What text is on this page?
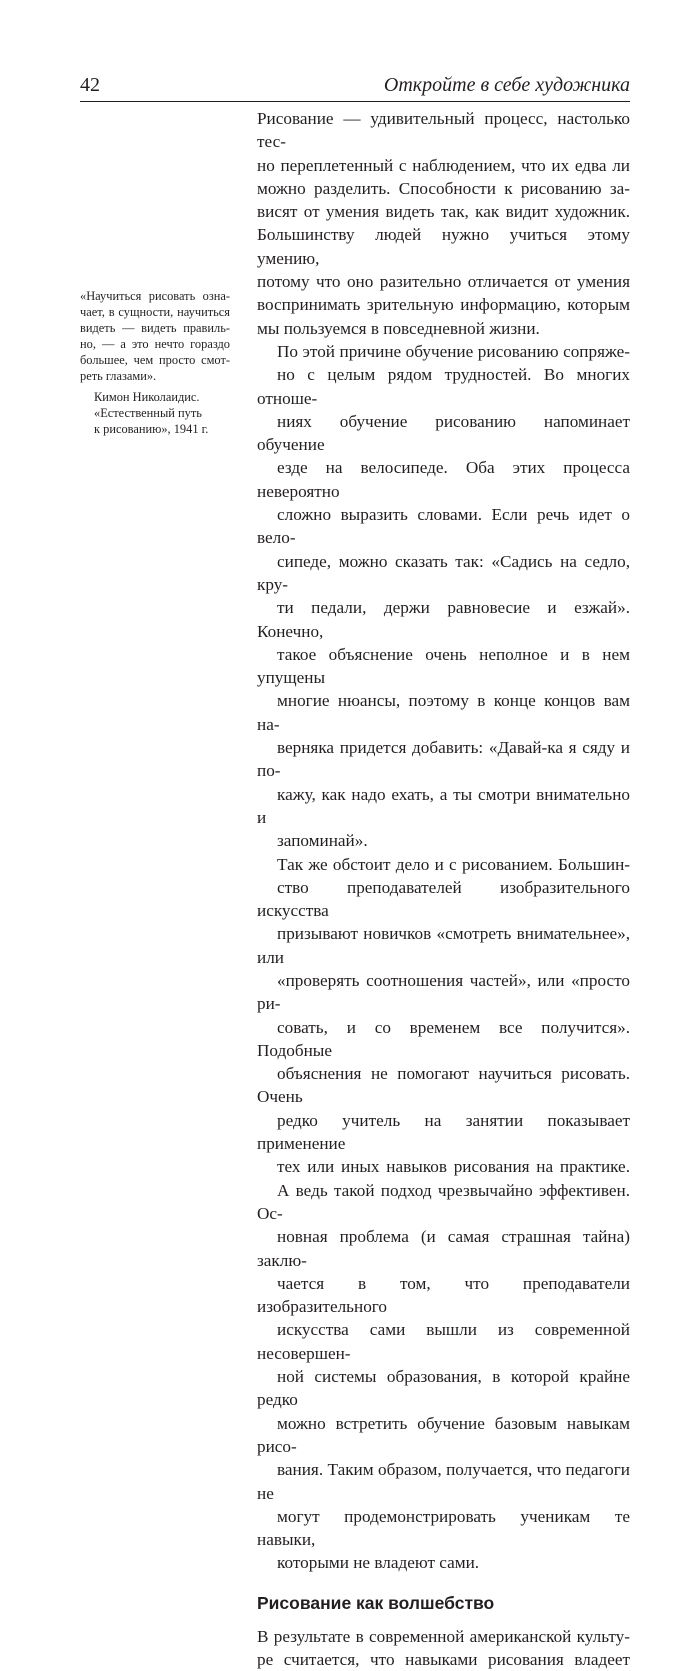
42	Откройте в себе художника

«Научиться рисовать озна-
чает, в сущности, научиться
видеть — видеть правиль-
но, — а это нечто гораздо
большее, чем просто смот-
реть глазами».

Кимон Николаидис.
«Естественный путь
к рисованию», 1941 г.

Рисование — удивительный процесс, настолько тес-
но переплетенный с наблюдением, что их едва ли
можно разделить. Способности к рисованию за-
висят от умения видеть так, как видит художник.
Большинству людей нужно учиться этому умению,
потому что оно разительно отличается от умения
воспринимать зрительную информацию, которым
мы пользуемся в повседневной жизни.

По этой причине обучение рисованию сопряже-
но с целым рядом трудностей. Во многих отноше-
ниях обучение рисованию напоминает обучение
езде на велосипеде. Оба этих процесса невероятно
сложно выразить словами. Если речь идет о вело-
сипеде, можно сказать так: «Садись на седло, кру-
ти педали, держи равновесие и езжай». Конечно,
такое объяснение очень неполное и в нем упущены
многие нюансы, поэтому в конце концов вам на-
верняка придется добавить: «Давай-ка я сяду и по-
кажу, как надо ехать, а ты смотри внимательно и
запоминай».

Так же обстоит дело и с рисованием. Большин-
ство преподавателей изобразительного искусства
призывают новичков «смотреть внимательнее», или
«проверять соотношения частей», или «просто ри-
совать, и со временем все получится». Подобные
объяснения не помогают научиться рисовать. Очень
редко учитель на занятии показывает применение
тех или иных навыков рисования на практике.
А ведь такой подход чрезвычайно эффективен. Ос-
новная проблема (и самая страшная тайна) заклю-
чается в том, что преподаватели изобразительного
искусства сами вышли из современной несовершен-
ной системы образования, в которой крайне редко
можно встретить обучение базовым навыкам рисо-
вания. Таким образом, получается, что педагоги не
могут продемонстрировать ученикам те навыки,
которыми не владеют сами.

Рисование как волшебство

В результате в современной американской культу-
ре считается, что навыками рисования владеет
